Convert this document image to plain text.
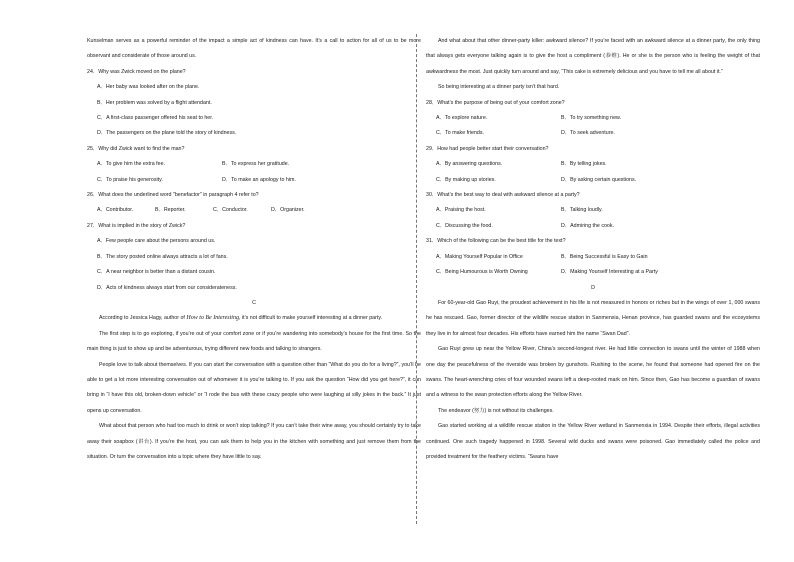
Kunselman serves as a powerful reminder of the impact a simple act of kindness can have. It’s a call to action for all of us to be more observant and considerate of those around us.

24．Why was Zwick moved on the plane?

A．Her baby was looked after on the plane.

B．Her problem was solved by a flight attendant.

C．A first-class passenger offered his seat to her.

D．The passengers on the plane told the story of kindness.

25．Why did Zwick want to find the man?

A．To give him the extra fee.	B．To express her gratitude.
C．To praise his generosity.	D．To make an apology to him.

26．What does the underlined word "benefactor" in paragraph 4 refer to?

A．Contributor.	B．Reporter.	C．Conductor.	D．Organizer.

27．What is implied in the story of Zwick?

A．Few people care about the persons around us.

B．The story posted online always attracts a lot of fans.

C．A near neighbor is better than a distant cousin.

D．Acts of kindness always start from our considerateness.

C

According to Jessica Hagy, author of How to Be Interesting, it’s not difficult to make yourself interesting at a dinner party.

The first step is to go exploring, if you’re out of your comfort zone or if you’re wandering into somebody’s house for the first time. So the main thing is just to show up and be adventurous, trying different new foods and talking to strangers.

People love to talk about themselves. If you can start the conversation with a question other than “What do you do for a living?”, you’ll be able to get a lot more interesting conversation out of whomever it is you’re talking to. If you ask the question “How did you get here?”, it can bring in “I have this old, broken-down vehicle” or “I rode the bus with these crazy people who were laughing at silly jokes in the back.” It just opens up conversation.

What about that person who had too much to drink or won’t stop talking? If you can’t take their wine away, you should certainly try to take away their soapbox (讲台). If you’re the host, you can ask them to help you in the kitchen with something and just remove them from the situation. Or turn the conversation into a topic where they have little to say.

And what about that other dinner-party killer: awkward silence? If you’re faced with an awkward silence at a dinner party, the only thing that always gets everyone talking again is to give the host a compliment (恭维). He or she is the person who is feeling the weight of that awkwardness the most. Just quickly turn around and say, “This cake is extremely delicious and you have to tell me all about it.”

So being interesting at a dinner party isn’t that hard.

28．What’s the purpose of being out of your comfort zone?

A．To explore nature.	B．To try something new.
C．To make friends.	D．To seek adventure.

29．How had people better start their conversation?

A．By answering questions.	B．By telling jokes.
C．By making up stories.	D．By asking certain questions.

30．What’s the best way to deal with awkward silence at a party?

A．Praising the host.	B．Talking loudly.
C．Discussing the food.	D．Admiring the cook.

31．Which of the following can be the best title for the text?

A．Making Yourself Popular in Office	B．Being Successful is Easy to Gain
C．Being Humourous is Worth Owning	D．Making Yourself Interesting at a Party

D

For 60-year-old Gao Ruyi, the proudest achievement in his life is not measured in honors or riches but in the wings of over 1, 000 swans he has rescued. Gao, former director of the wildlife rescue station in Sanmenxia, Henan province, has guarded swans and the ecosystems they live in for almost four decades. His efforts have earned him the name “Swan Dad”.

Gao Ruyi grew up near the Yellow River, China’s second-longest river. He had little connection to swans until the winter of 1988 when one day the peacefulness of the riverside was broken by gunshots. Rushing to the scene, he found that someone had opened fire on the swans. The heart-wrenching cries of four wounded swans left a deep-rooted mark on him. Since then, Gao has become a guardian of swans and a witness to the swan protection efforts along the Yellow River.

The endeavor (努力) is not without its challenges.

Gao started working at a wildlife rescue station in the Yellow River wetland in Sanmenxia in 1994. Despite their efforts, illegal activities continued. One such tragedy happened in 1998. Several wild ducks and swans were poisoned. Gao immediately called the police and provided treatment for the feathery victims. “Swans have
